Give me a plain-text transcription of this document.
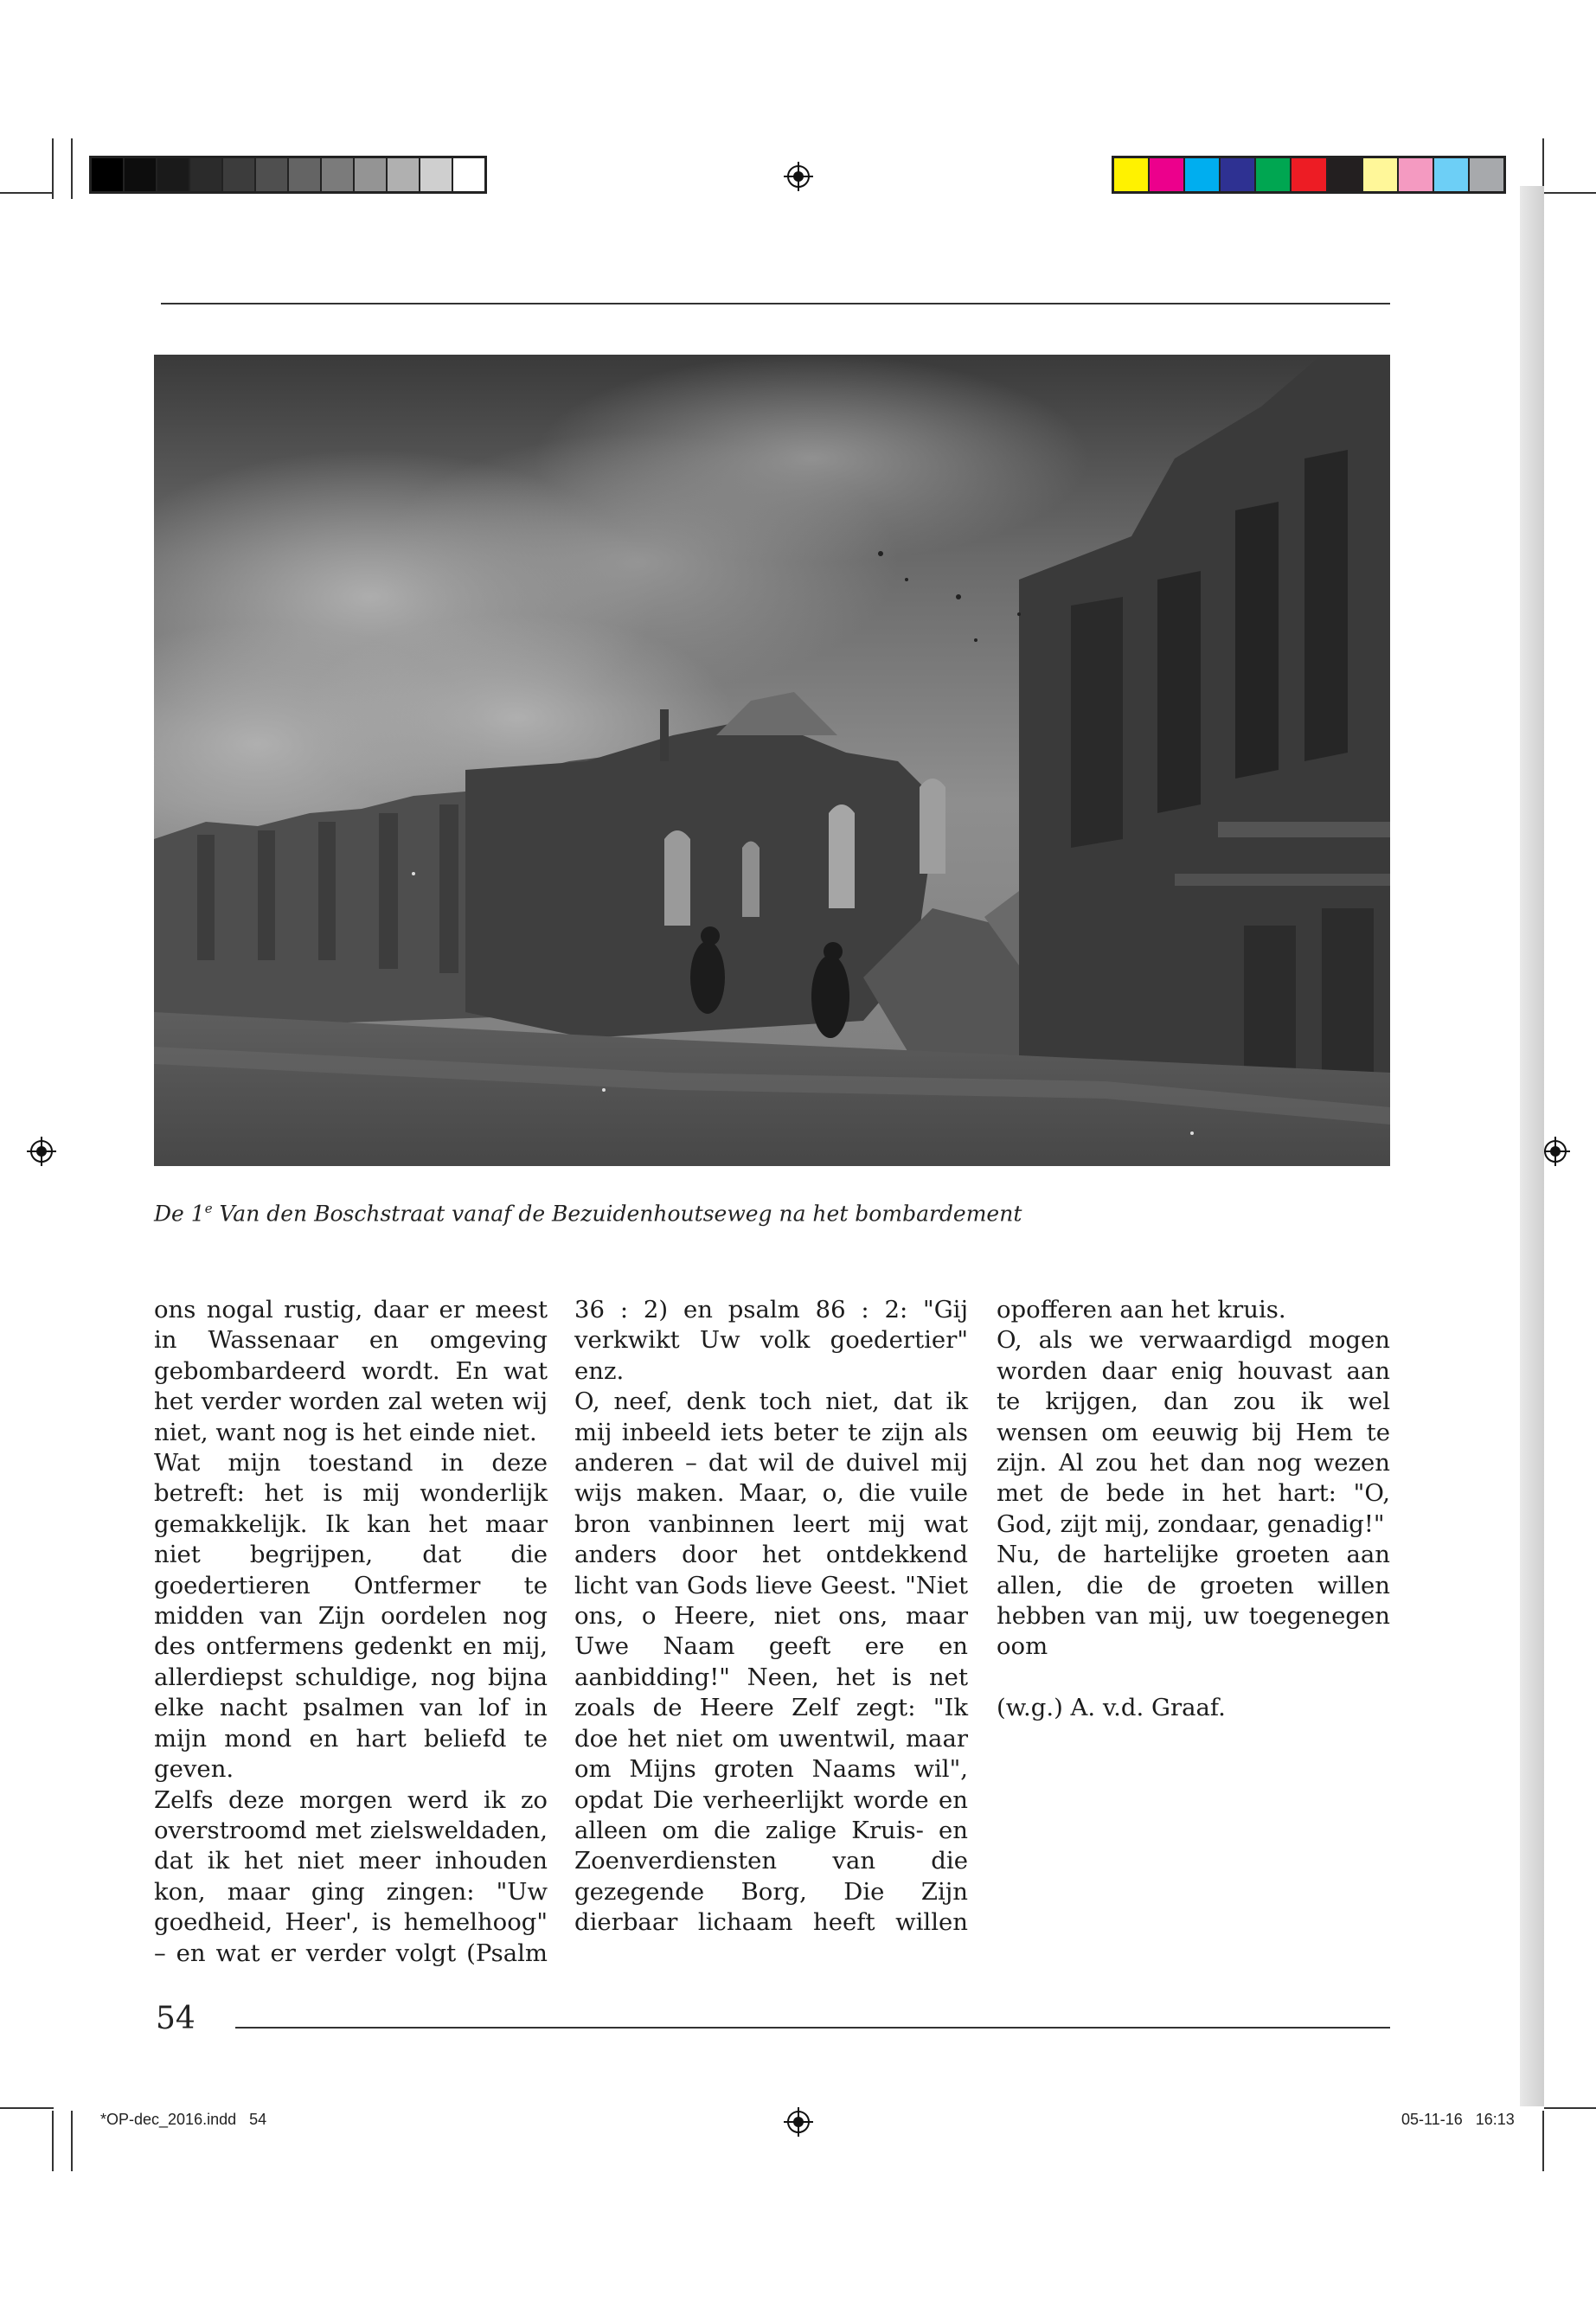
De 1e Van den Boschstraat vanaf de Bezuidenhoutseweg na het bombardement

ons nogal rustig, daar er meest in Wassenaar en omgeving gebombardeerd wordt. En wat het verder worden zal weten wij niet, want nog is het einde niet.

Wat mijn toestand in deze betreft: het is mij wonderlijk gemakkelijk. Ik kan het maar niet begrijpen, dat die goedertieren Ontfermer te midden van Zijn oordelen nog des ontfermens gedenkt en mij, allerdiepst schuldige, nog bijna elke nacht psalmen van lof in mijn mond en hart beliefd te geven.

Zelfs deze morgen werd ik zo overstroomd met zielsweldaden, dat ik het niet meer inhouden kon, maar ging zingen: "Uw goedheid, Heer', is hemelhoog" – en wat er verder volgt (Psalm

36 : 2) en psalm 86 : 2: "Gij verkwikt Uw volk goedertier" enz.

O, neef, denk toch niet, dat ik mij inbeeld iets beter te zijn als anderen – dat wil de duivel mij wijs maken. Maar, o, die vuile bron vanbinnen leert mij wat anders door het ontdekkend licht van Gods lieve Geest. "Niet ons, o Heere, niet ons, maar Uwe Naam geeft ere en aanbidding!" Neen, het is net zoals de Heere Zelf zegt: "Ik doe het niet om uwentwil, maar om Mijns groten Naams wil", opdat Die verheerlijkt worde en alleen om die zalige Kruis- en Zoenverdiensten van die gezegende Borg, Die Zijn dierbaar lichaam heeft willen

opofferen aan het kruis.

O, als we verwaardigd mogen worden daar enig houvast aan te krijgen, dan zou ik wel wensen om eeuwig bij Hem te zijn. Al zou het dan nog wezen met de bede in het hart: "O, God, zijt mij, zondaar, genadig!"

Nu, de hartelijke groeten aan allen, die de groeten willen hebben van mij, uw toegenegen oom

(w.g.) A. v.d. Graaf.

54
*OP-dec_2016.indd   54	05-11-16   16:13
